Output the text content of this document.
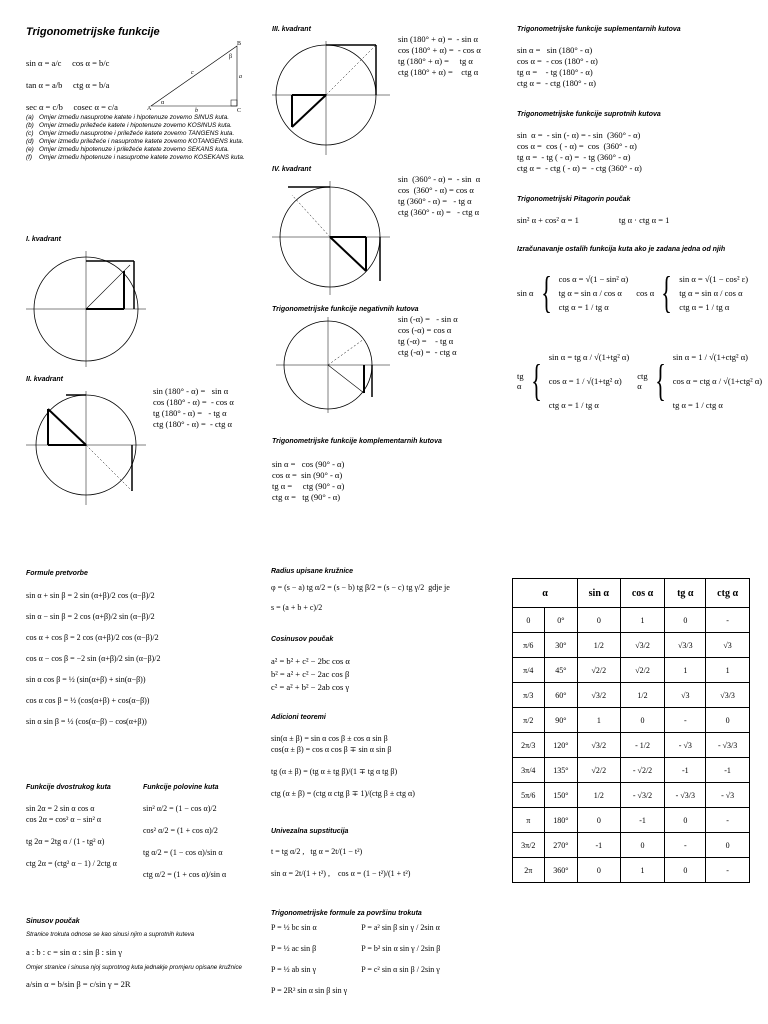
Trigonometrijske funkcije

sin α = a/c     cos α = b/c

tan α = a/b     ctg α = b/a

sec α = c/b     cosec α = c/a	A
B
C
a
b
c
α
β
(a) Omjer između nasuprotne katete i hipotenuze zovemo SINUS kuta.
(b) Omjer između priležeće katete i hipotenuze zovemo KOSINUS kuta.
(c) Omjer između nasuprotne i priležeće katete zovemo TANGENS kuta.
(d) Omjer između priležeće i nasuprotne katete zovemo KOTANGENS kuta.
(e) Omjer između hipotenuze i priležeće katete zovemo SEKANS kuta.
(f)	Omjer između hipotenuze i nasuprotne katete zovemo KOSEKANS kuta.
I. kvadrant
II. kvadrant

sin (180° - α) =   sin α
cos (180° - α) =  - cos α
tg (180° - α) =   - tg α
ctg (180° - α) =  - ctg α

III. kvadrant

sin (180° + α) =  - sin α
cos (180° + α) =  - cos α
tg (180° + α) =     tg α
ctg (180° + α) =    ctg α

IV. kvadrant

sin  (360° - α) =  - sin  α
cos  (360° - α) = cos α
tg (360° - α) =   - tg α
ctg (360° - α) =   - ctg α

Trigonometrijske funkcije negativnih kutova

sin (-α) =   - sin α
cos (-α) = cos α
tg (-α) =    - tg α
ctg (-α) =  - ctg α

Trigonometrijske funkcije komplementarnih kutova

sin α =   cos (90° - α)
cos α =  sin (90° - α)
tg α =     ctg (90° - α)
ctg α =   tg (90° - α)

Trigonometrijske funkcije suplementarnih kutova

sin α =   sin (180° - α)
cos α =  - cos (180° - α)
tg α =    - tg (180° - α)
ctg α =  - ctg (180° - α)

Trigonometrijske funkcije suprotnih kutova

sin  α =  - sin (- α) = - sin  (360° - α)
cos α =  cos ( - α) =  cos  (360° - α)
tg α =  - tg ( - α) =  - tg (360° - α)
ctg α =  - ctg ( - α) =  - ctg (360° - α)

Trigonometrijski Pitagorin poučak

sin² α + cos² α = 1	tg α · ctg α = 1

Izračunavanje ostalih funkcija kuta ako je zadana jedna od njih
sin α { cos α = √(1 − sin² α)
tg α = sin α / cos α
ctg α = 1 / tg α
cos α { sin α = √(1 − cos² ε)
tg α = sin α / cos α
ctg α = 1 / tg α
tg α { sin α = tg α / √(1+tg² α)
cos α = 1 / √(1+tg² α)
ctg α = 1 / tg α
ctg α { sin α = 1 / √(1+ctg² α)
cos α = ctg α / √(1+ctg² α)
tg α = 1 / ctg α
Formule pretvorbe

sin α + sin β = 2 sin (α+β)/2 cos (α−β)/2

sin α − sin β = 2 cos (α+β)/2 sin (α−β)/2

cos α + cos β = 2 cos (α+β)/2 cos (α−β)/2

cos α − cos β = −2 sin (α+β)/2 sin (α−β)/2

sin α cos β = ½ (sin(α+β) + sin(α−β))

cos α cos β = ½ (cos(α+β) + cos(α−β))

sin α sin β = ½ (cos(α−β) − cos(α+β))

Funkcije dvostrukog kuta

sin 2α = 2 sin α cos α
cos 2α = cos² α − sin² α

tg 2α = 2tg α / (1 - tg² α)

ctg 2α = (ctg² α − 1) / 2ctg α

Funkcije polovine kuta

sin² α/2 = (1 − cos α)/2

cos² α/2 = (1 + cos α)/2

tg α/2 = (1 − cos α)/sin α

ctg α/2 = (1 + cos α)/sin α

Sinusov poučak
Stranice trokuta odnose se kao sinusi njim a suprotnih kuteva

a : b : c = sin α : sin β : sin γ

Omjer stranice i sinusa njoj suprotnog kuta jednakje promjeru opisane kružnice

a/sin α = b/sin β = c/sin γ = 2R

Radius upisane kružnice

φ = (s − a) tg α/2 = (s − b) tg β/2 = (s − c) tg γ/2  gdje je

s = (a + b + c)/2

Cosinusov poučak

a² = b² + c² − 2bc cos α
b² = a² + c² − 2ac cos β
c² = a² + b² − 2ab cos γ

Adicioni teoremi

sin(α ± β) = sin α cos β ± cos α sin β
cos(α ± β) = cos α cos β ∓ sin α sin β

tg (α ± β) = (tg α ± tg β)/(1 ∓ tg α tg β)

ctg (α ± β) = (ctg α ctg β ∓ 1)/(ctg β ± ctg α)

Univezalna supstitucija

t = tg α/2 ,   tg α = 2t/(1 − t²)

sin α = 2t/(1 + t²) ,    cos α = (1 − t²)/(1 + t²)

Trigonometrijske formule za površinu trokuta

P = ½ bc sin α

P = ½ ac sin β

P = ½ ab sin γ

P = 2R² sin α sin β sin γ

P = a² sin β sin γ / 2sin α

P = b² sin α sin γ / 2sin β

P = c² sin α sin β / 2sin γ

α		sin α	cos α	tg α	ctg α
0	0°	0	1	0	-
π/6	30°	1/2	√3/2	√3/3	√3
π/4	45°	√2/2	√2/2	1	1
π/3	60°	√3/2	1/2	√3	√3/3
π/2	90°	1	0	-	0
2π/3	120°	√3/2	- 1/2	- √3	- √3/3
3π/4	135°	√2/2	- √2/2	-1	-1
5π/6	150°	1/2	- √3/2	- √3/3	- √3
π	180°	0	-1	0	-
3π/2	270°	-1	0	-	0
2π	360°	0	1	0	-
